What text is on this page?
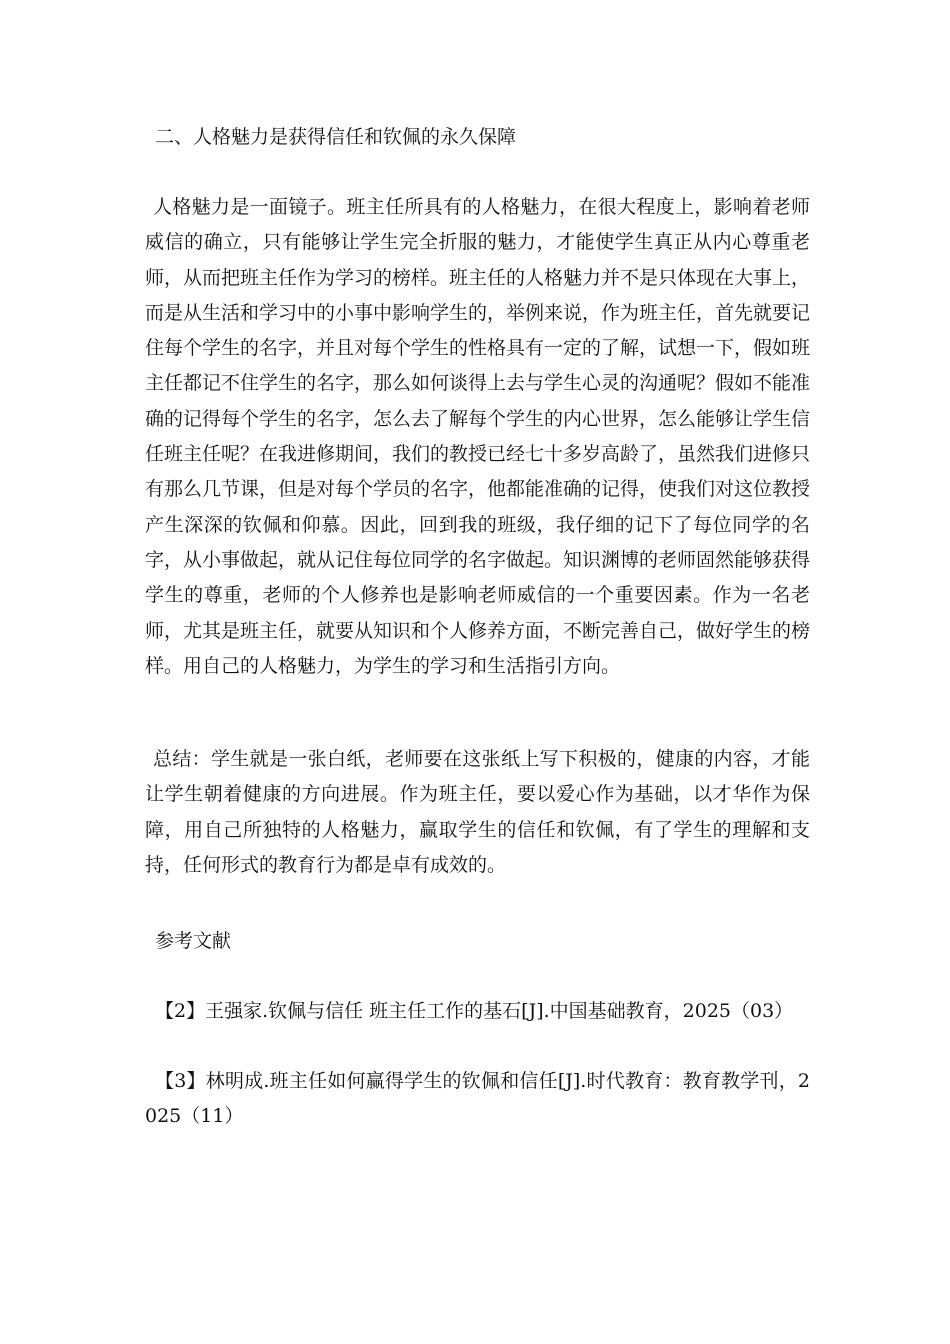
二、人格魅力是获得信任和钦佩的永久保障

人格魅力是一面镜子。班主任所具有的人格魅力，在很大程度上，影响着老师威信的确立，只有能够让学生完全折服的魅力，才能使学生真正从内心尊重老师，从而把班主任作为学习的榜样。班主任的人格魅力并不是只体现在大事上，而是从生活和学习中的小事中影响学生的，举例来说，作为班主任，首先就要记住每个学生的名字，并且对每个学生的性格具有一定的了解，试想一下，假如班主任都记不住学生的名字，那么如何谈得上去与学生心灵的沟通呢？假如不能准确的记得每个学生的名字，怎么去了解每个学生的内心世界，怎么能够让学生信任班主任呢？在我进修期间，我们的教授已经七十多岁高龄了，虽然我们进修只有那么几节课，但是对每个学员的名字，他都能准确的记得，使我们对这位教授产生深深的钦佩和仰慕。因此，回到我的班级，我仔细的记下了每位同学的名字，从小事做起，就从记住每位同学的名字做起。知识渊博的老师固然能够获得学生的尊重，老师的个人修养也是影响老师威信的一个重要因素。作为一名老师，尤其是班主任，就要从知识和个人修养方面，不断完善自己，做好学生的榜样。用自己的人格魅力，为学生的学习和生活指引方向。

总结：学生就是一张白纸，老师要在这张纸上写下积极的，健康的内容，才能让学生朝着健康的方向进展。作为班主任，要以爱心作为基础，以才华作为保障，用自己所独特的人格魅力，赢取学生的信任和钦佩，有了学生的理解和支持，任何形式的教育行为都是卓有成效的。

参考文献

【2】王强家.钦佩与信任 班主任工作的基石[J].中国基础教育，2025（03）

【3】林明成.班主任如何赢得学生的钦佩和信任[J].时代教育：教育教学刊，2025（11）
